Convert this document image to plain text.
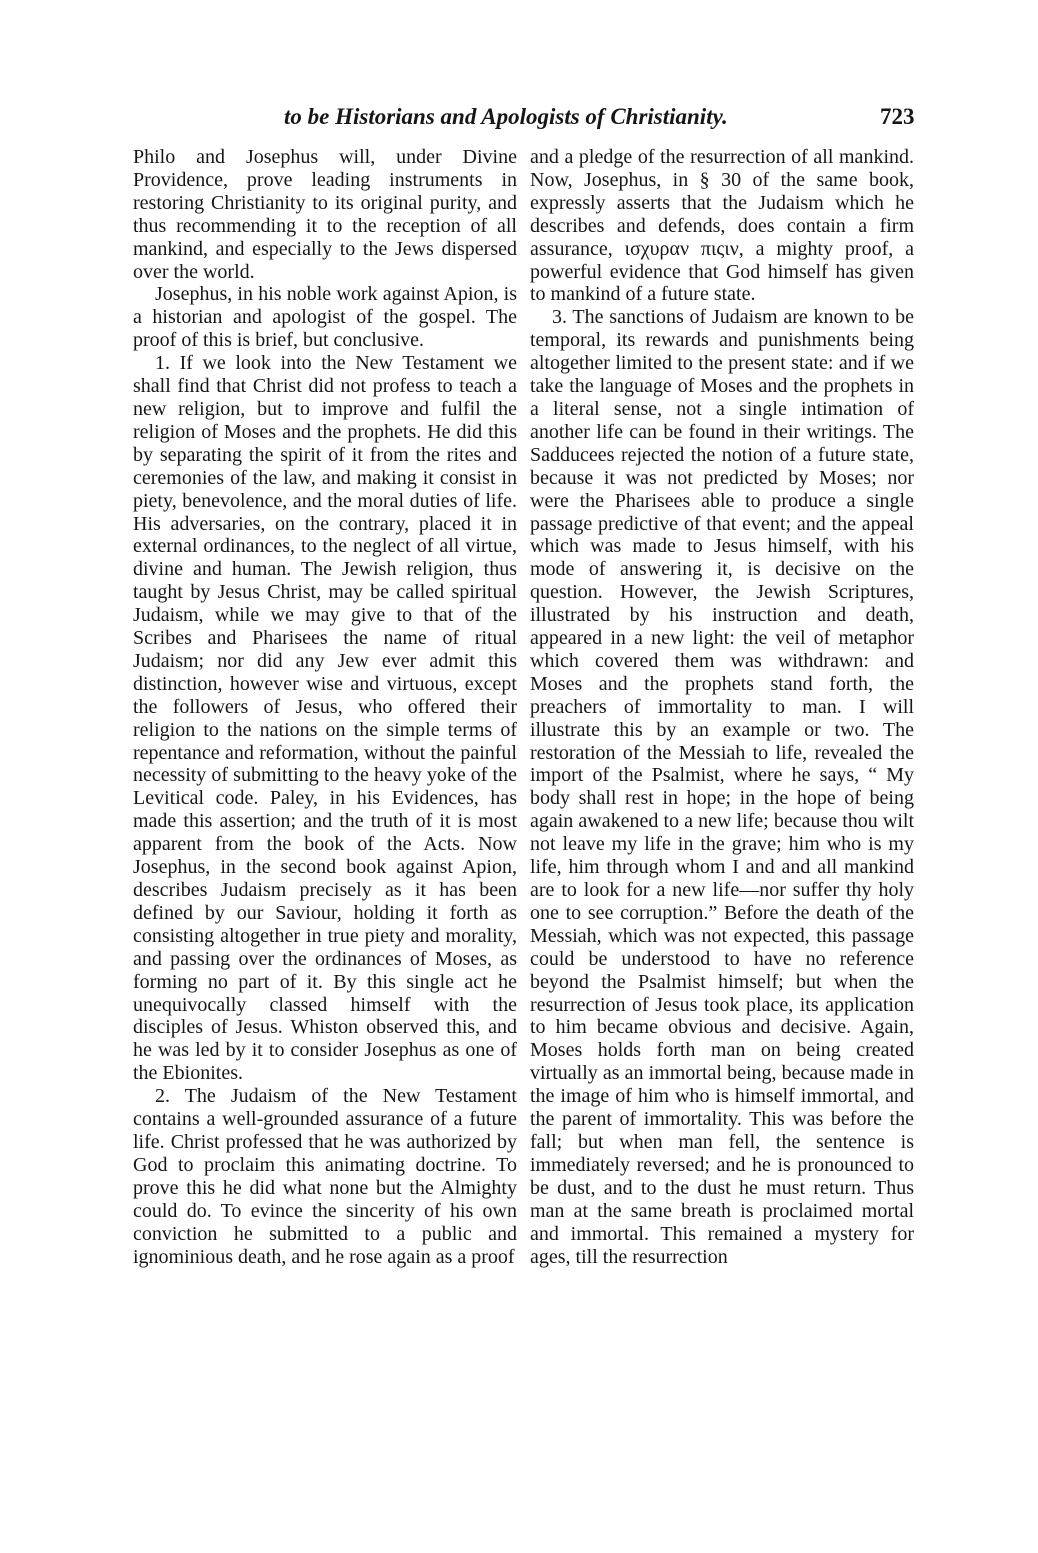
to be Historians and Apologists of Christianity.	723

Philo and Josephus will, under Divine Providence, prove leading instruments in restoring Christianity to its original purity, and thus recommending it to the reception of all mankind, and especially to the Jews dispersed over the world.

Josephus, in his noble work against Apion, is a historian and apologist of the gospel. The proof of this is brief, but conclusive.

1. If we look into the New Testament we shall find that Christ did not profess to teach a new religion, but to improve and fulfil the religion of Moses and the prophets. He did this by separating the spirit of it from the rites and ceremonies of the law, and making it consist in piety, benevolence, and the moral duties of life. His adversaries, on the contrary, placed it in external ordinances, to the neglect of all virtue, divine and human. The Jewish religion, thus taught by Jesus Christ, may be called spiritual Judaism, while we may give to that of the Scribes and Pharisees the name of ritual Judaism; nor did any Jew ever admit this distinction, however wise and virtuous, except the followers of Jesus, who offered their religion to the nations on the simple terms of repentance and reformation, without the painful necessity of submitting to the heavy yoke of the Levitical code. Paley, in his Evidences, has made this assertion; and the truth of it is most apparent from the book of the Acts. Now Josephus, in the second book against Apion, describes Judaism precisely as it has been defined by our Saviour, holding it forth as consisting altogether in true piety and morality, and passing over the ordinances of Moses, as forming no part of it. By this single act he unequivocally classed himself with the disciples of Jesus. Whiston observed this, and he was led by it to consider Josephus as one of the Ebionites.

2. The Judaism of the New Testament contains a well-grounded assurance of a future life. Christ professed that he was authorized by God to proclaim this animating doctrine. To prove this he did what none but the Almighty could do. To evince the sincerity of his own conviction he submitted to a public and ignominious death, and he rose again as a proof

and a pledge of the resurrection of all mankind. Now, Josephus, in § 30 of the same book, expressly asserts that the Judaism which he describes and defends, does contain a firm assurance, ισχυραν πιςιν, a mighty proof, a powerful evidence that God himself has given to mankind of a future state.

3. The sanctions of Judaism are known to be temporal, its rewards and punishments being altogether limited to the present state: and if we take the language of Moses and the prophets in a literal sense, not a single intimation of another life can be found in their writings. The Sadducees rejected the notion of a future state, because it was not predicted by Moses; nor were the Pharisees able to produce a single passage predictive of that event; and the appeal which was made to Jesus himself, with his mode of answering it, is decisive on the question. However, the Jewish Scriptures, illustrated by his instruction and death, appeared in a new light: the veil of metaphor which covered them was withdrawn: and Moses and the prophets stand forth, the preachers of immortality to man. I will illustrate this by an example or two. The restoration of the Messiah to life, revealed the import of the Psalmist, where he says, “ My body shall rest in hope; in the hope of being again awakened to a new life; because thou wilt not leave my life in the grave; him who is my life, him through whom I and and all mankind are to look for a new life—nor suffer thy holy one to see corruption.” Before the death of the Messiah, which was not expected, this passage could be understood to have no reference beyond the Psalmist himself; but when the resurrection of Jesus took place, its application to him became obvious and decisive. Again, Moses holds forth man on being created virtually as an immortal being, because made in the image of him who is himself immortal, and the parent of immortality. This was before the fall; but when man fell, the sentence is immediately reversed; and he is pronounced to be dust, and to the dust he must return. Thus man at the same breath is proclaimed mortal and immortal. This remained a mystery for ages, till the resurrection
